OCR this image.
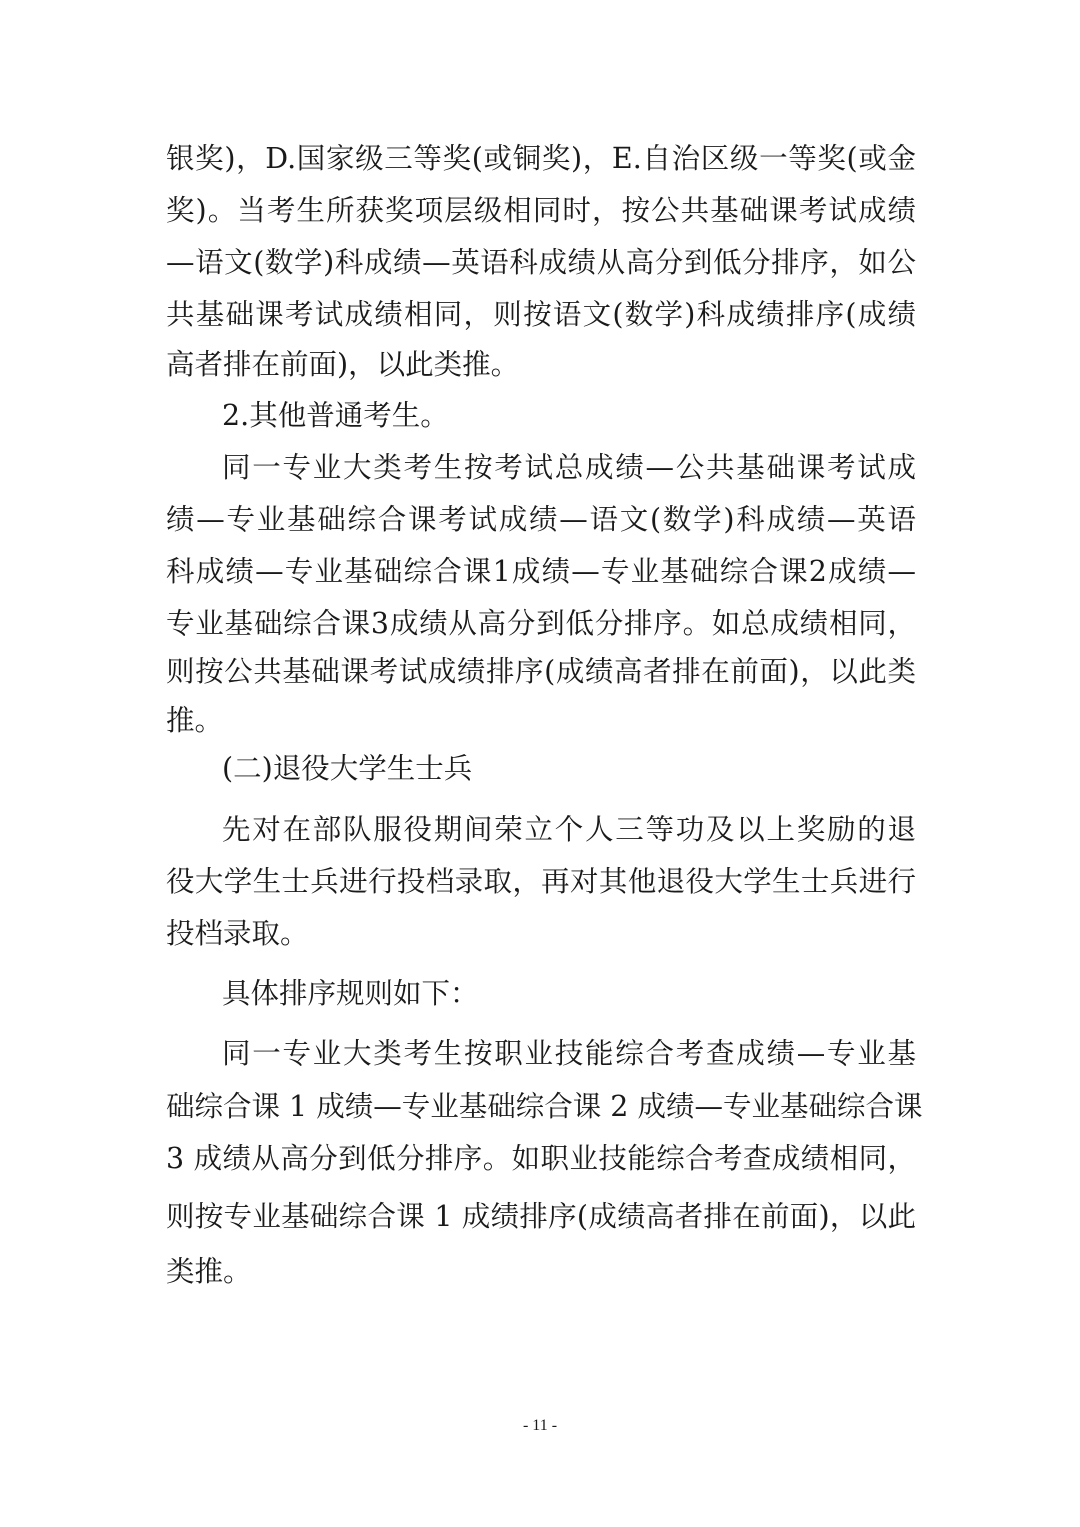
银奖)，D.国家级三等奖(或铜奖)，E.自治区级一等奖(或金
奖)。当考生所获奖项层级相同时，按公共基础课考试成绩
—语文(数学)科成绩—英语科成绩从高分到低分排序，如公
共基础课考试成绩相同，则按语文(数学)科成绩排序(成绩
高者排在前面)，以此类推。
2.其他普通考生。
同一专业大类考生按考试总成绩—公共基础课考试成
绩—专业基础综合课考试成绩—语文(数学)科成绩—英语
科成绩—专业基础综合课1成绩—专业基础综合课2成绩—
专业基础综合课3成绩从高分到低分排序。如总成绩相同，
则按公共基础课考试成绩排序(成绩高者排在前面)，以此类
推。
(二)退役大学生士兵
先对在部队服役期间荣立个人三等功及以上奖励的退
役大学生士兵进行投档录取，再对其他退役大学生士兵进行
投档录取。
具体排序规则如下：
同一专业大类考生按职业技能综合考查成绩—专业基
础综合课 1 成绩—专业基础综合课 2 成绩—专业基础综合课
3 成绩从高分到低分排序。如职业技能综合考查成绩相同，
则按专业基础综合课 1 成绩排序(成绩高者排在前面)，以此
类推。
- 11 -
